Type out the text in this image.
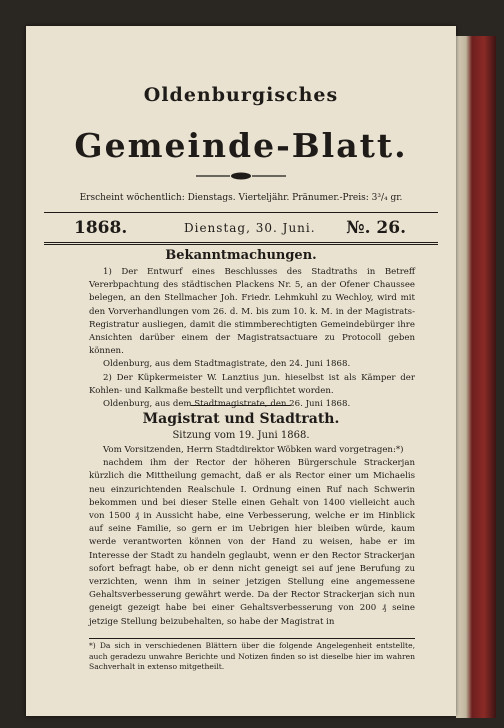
Oldenburgisches
Gemeinde-Blatt.
Erscheint wöchentlich: Dienstags. Vierteljähr. Pränumer.-Preis: 3³/₄ gr.
1868.	Dienstag, 30. Juni. №. 26.
Bekanntmachungen.

1) Der Entwurf eines Beschlusses des Stadtraths in Betreff Vererbpachtung des städtischen Plackens Nr. 5, an der Ofener Chaussee belegen, an den Stellmacher Joh. Friedr. Lehmkuhl zu Wechloy, wird mit den Vorverhandlungen vom 26. d. M. bis zum 10. k. M. in der Magistrats-Registratur ausliegen, damit die stimmberechtigten Gemeindebürger ihre Ansichten darüber einem der Magistratsactuare zu Protocoll geben können.

Oldenburg, aus dem Stadtmagistrate, den 24. Juni 1868.

2) Der Küpkermeister W. Lanztius jun. hieselbst ist als Kämper der Kohlen- und Kalkmaße bestellt und verpflichtet worden.

Oldenburg, aus dem Stadtmagistrate, den 26. Juni 1868.

Magistrat und Stadtrath.
Sitzung vom 19. Juni 1868.

Vom Vorsitzenden, Herrn Stadtdirektor Wöbken ward vorgetragen:*)

nachdem ihm der Rector der höheren Bürgerschule Strackerjan kürzlich die Mittheilung gemacht, daß er als Rector einer um Michaelis neu einzurichtenden Realschule I. Ordnung einen Ruf nach Schwerin bekommen und bei dieser Stelle einen Gehalt von 1400 vielleicht auch von 1500 ₰ in Aussicht habe, eine Verbesserung, welche er im Hinblick auf seine Familie, so gern er im Uebrigen hier bleiben würde, kaum werde verantworten können von der Hand zu weisen, habe er im Interesse der Stadt zu handeln geglaubt, wenn er den Rector Strackerjan sofort befragt habe, ob er denn nicht geneigt sei auf jene Berufung zu verzichten, wenn ihm in seiner jetzigen Stellung eine angemessene Gehaltsverbesserung gewährt werde. Da der Rector Strackerjan sich nun geneigt gezeigt habe bei einer Gehaltsverbesserung von 200 ₰ seine jetzige Stellung beizubehalten, so habe der Magistrat in

*) Da sich in verschiedenen Blättern über die folgende Angelegenheit entstellte, auch geradezu unwahre Berichte und Notizen finden so ist dieselbe hier im wahren Sachverhalt in extenso mitgetheilt.
